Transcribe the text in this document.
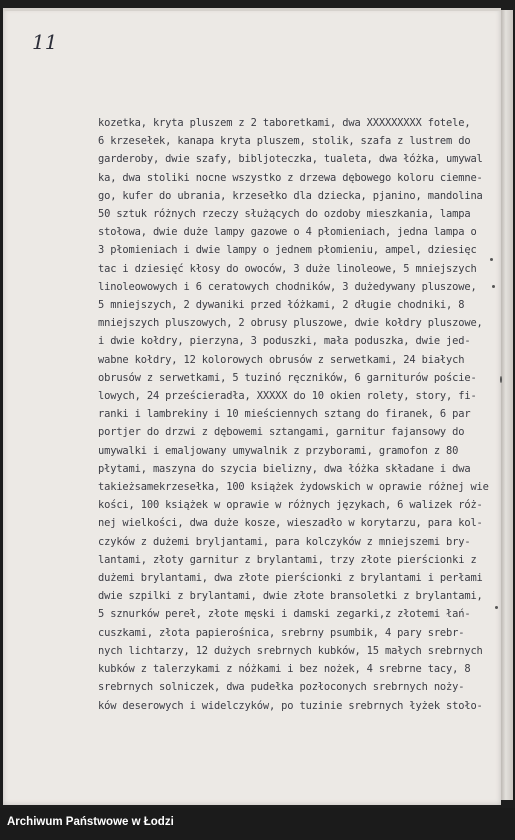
11
kozetka, kryta pluszem z 2 taboretkami, dwa XXXXXXXXX fotele,
6 krzesełek, kanapa kryta pluszem, stolik, szafa z lustrem do
garderoby, dwie szafy, bibljoteczka, tualeta, dwa łóżka, umywal
ka, dwa stoliki nocne wszystko z drzewa dębowego koloru ciemne-
go, kufer do ubrania, krzesełko dla dziecka, pjanino, mandolina
50 sztuk różnych rzeczy służących do ozdoby mieszkania, lampa
stołowa, dwie duże lampy gazowe o 4 płomieniach, jedna lampa o
3 płomieniach i dwie lampy o jednem płomieniu, ampel, dziesięc
tac i dziesięć kłosy do owoców, 3 duże linoleowe, 5 mniejszych
linoleowowych i 6 ceratowych chodników, 3 dużedywany pluszowe,
5 mniejszych, 2 dywaniki przed łóżkami, 2 długie chodniki, 8
mniejszych pluszowych, 2 obrusy pluszowe, dwie kołdry pluszowe,
i dwie kołdry, pierzyna, 3 poduszki, mała poduszka, dwie jed-
wabne kołdry, 12 kolorowych obrusów z serwetkami, 24 białych
obrusów z serwetkami, 5 tuzinó ręczników, 6 garniturów poście-
lowych, 24 prześcieradła, XXXXX do 10 okien rolety, story, fi-
ranki i lambrekiny i 10 mieściennych sztang do firanek, 6 par
portjer do drzwi z dębowemi sztangami, garnitur fajansowy do
umywalki i emaljowany umywalnik z przyborami, gramofon z 80
płytami, maszyna do szycia bielizny, dwa łóżka składane i dwa
takieżsamekrzesełka, 100 książek żydowskich w oprawie różnej wie
kości, 100 książek w oprawie w różnych językach, 6 walizek róż-
nej wielkości, dwa duże kosze, wieszadło w korytarzu, para kol-
czyków z dużemi bryljantami, para kolczyków z mniejszemi bry-
lantami, złoty garnitur z brylantami, trzy złote pierścionki z
dużemi brylantami, dwa złote pierścionki z brylantami i perłami
dwie szpilki z brylantami, dwie złote bransoletki z brylantami,
5 sznurków pereł, złote męski i damski zegarki,z złotemi łań-
cuszkami, złota papierośnica, srebrny psumbik, 4 pary srebr-
nych lichtarzy, 12 dużych srebrnych kubków, 15 małych srebrnych
kubków z talerzykami z nóżkami i bez nożek, 4 srebrne tacy, 8
srebrnych solniczek, dwa pudełka pozłoconych srebrnych noży-
ków deserowych i widelczyków, po tuzinie srebrnych łyżek stoło-
Archiwum Państwowe w Łodzi
